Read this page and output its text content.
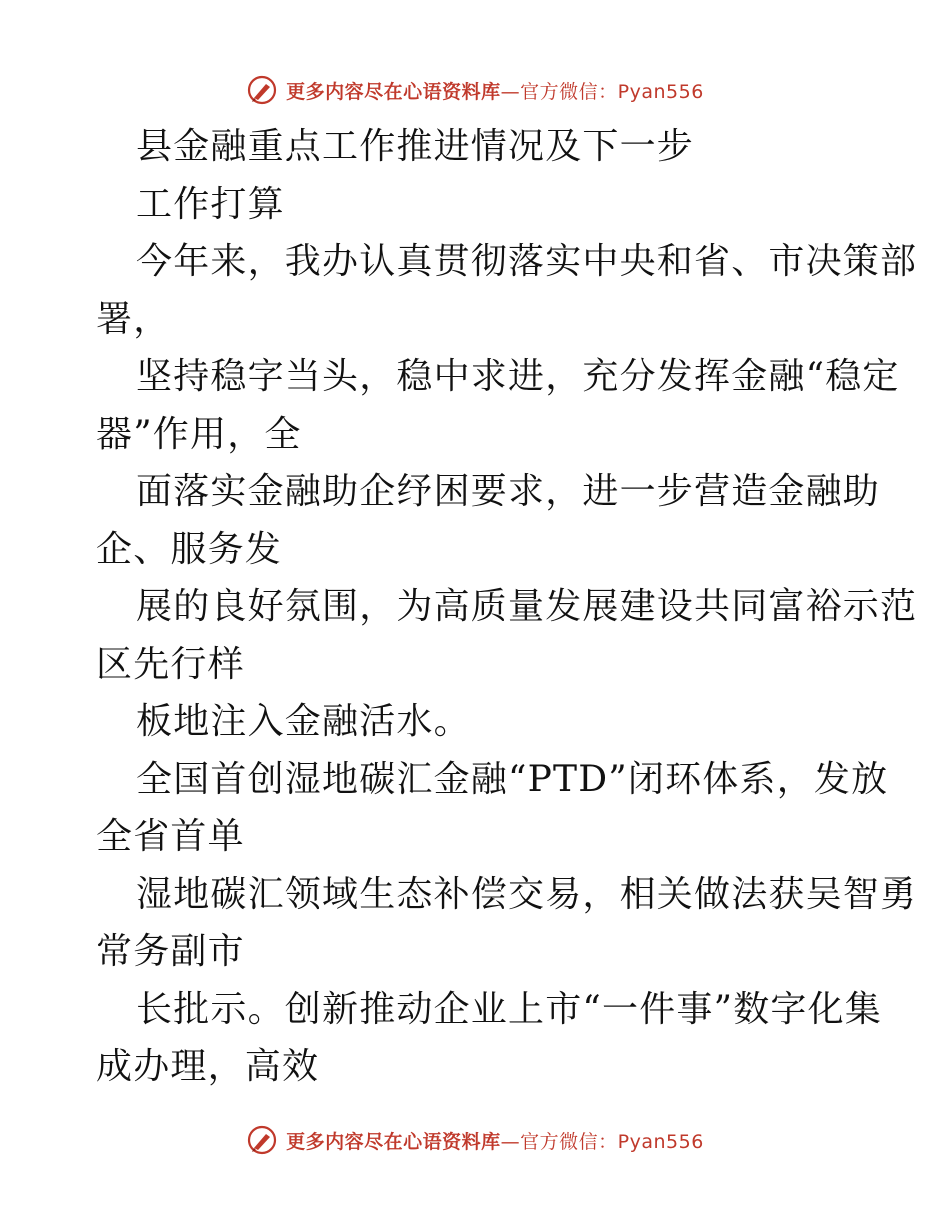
更多内容尽在心语资料库—官方微信：Pyan556
县金融重点工作推进情况及下一步
工作打算
今年来，我办认真贯彻落实中央和省、市决策部
署，
坚持稳字当头，稳中求进，充分发挥金融“稳定
器”作用，全
面落实金融助企纾困要求，进一步营造金融助
企、服务发
展的良好氛围，为高质量发展建设共同富裕示范
区先行样
板地注入金融活水。
全国首创湿地碳汇金融“PTD”闭环体系，发放
全省首单
湿地碳汇领域生态补偿交易，相关做法获吴智勇
常务副市
长批示。创新推动企业上市“一件事”数字化集
成办理，高效
更多内容尽在心语资料库—官方微信：Pyan556
